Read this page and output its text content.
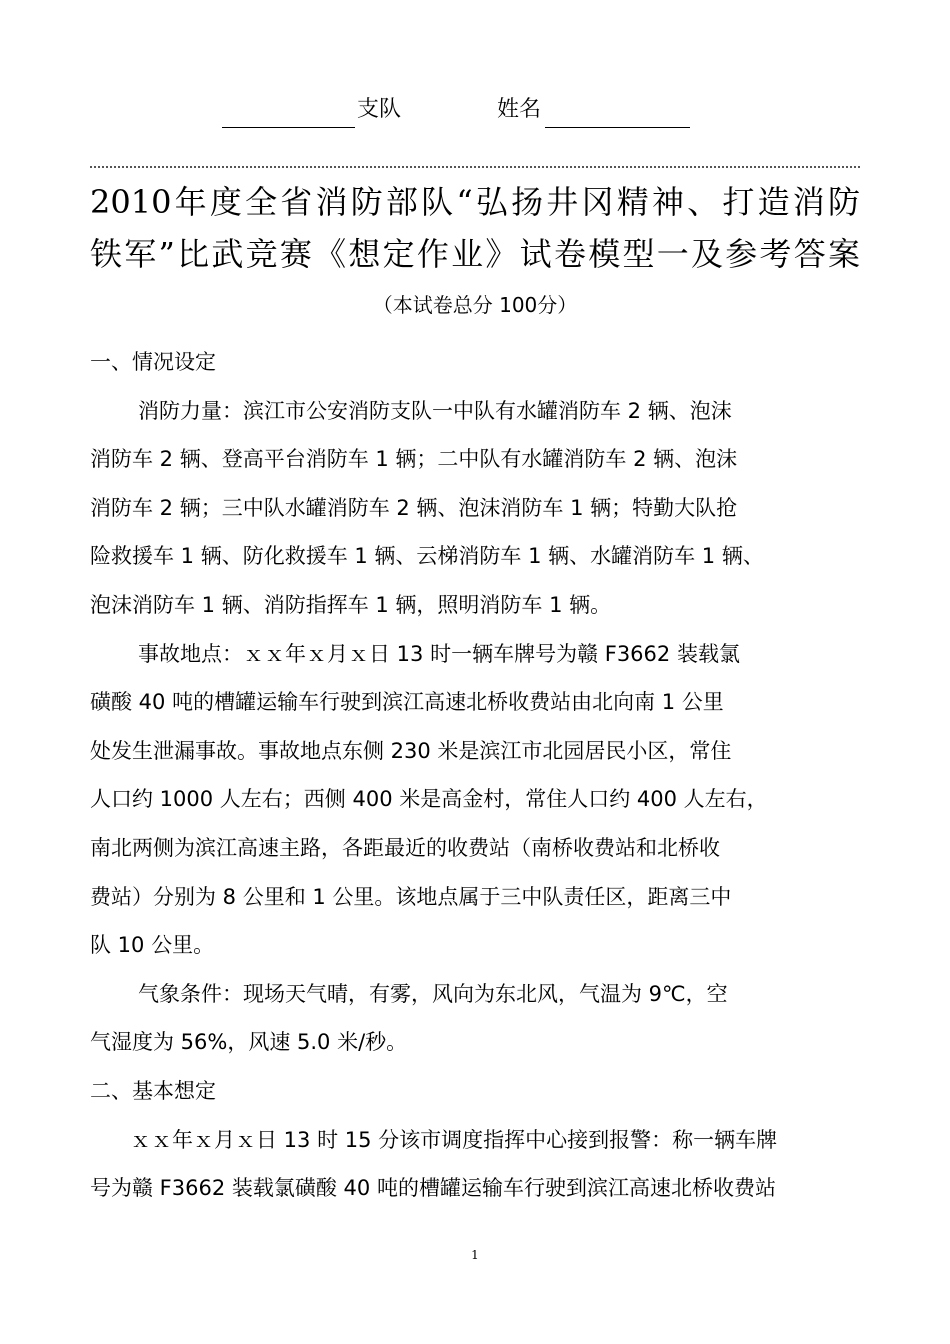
支队	姓名
2010年度全省消防部队“弘扬井冈精神、打造消防
铁军”比武竞赛《想定作业》试卷模型一及参考答案
（本试卷总分 100分）

一、情况设定

消防力量：滨江市公安消防支队一中队有水罐消防车 2 辆、泡沫

消防车 2 辆、登高平台消防车 1 辆；二中队有水罐消防车 2 辆、泡沫

消防车 2 辆；三中队水罐消防车 2 辆、泡沫消防车 1 辆；特勤大队抢

险救援车 1 辆、防化救援车 1 辆、云梯消防车 1 辆、水罐消防车 1 辆、

泡沫消防车 1 辆、消防指挥车 1 辆，照明消防车 1 辆。

事故地点：ｘｘ年ｘ月ｘ日 13 时一辆车牌号为赣 F3662 装载氯

磺酸 40 吨的槽罐运输车行驶到滨江高速北桥收费站由北向南 1 公里

处发生泄漏事故。事故地点东侧 230 米是滨江市北园居民小区，常住

人口约 1000 人左右；西侧 400 米是高金村，常住人口约 400 人左右，

南北两侧为滨江高速主路，各距最近的收费站（南桥收费站和北桥收

费站）分别为 8 公里和 1 公里。该地点属于三中队责任区，距离三中

队 10 公里。

气象条件：现场天气晴，有雾，风向为东北风，气温为 9℃，空

气湿度为 56%，风速 5.0 米/秒。

二、基本想定

ｘｘ年ｘ月ｘ日 13 时 15 分该市调度指挥中心接到报警：称一辆车牌

号为赣 F3662 装载氯磺酸 40 吨的槽罐运输车行驶到滨江高速北桥收费站

1
